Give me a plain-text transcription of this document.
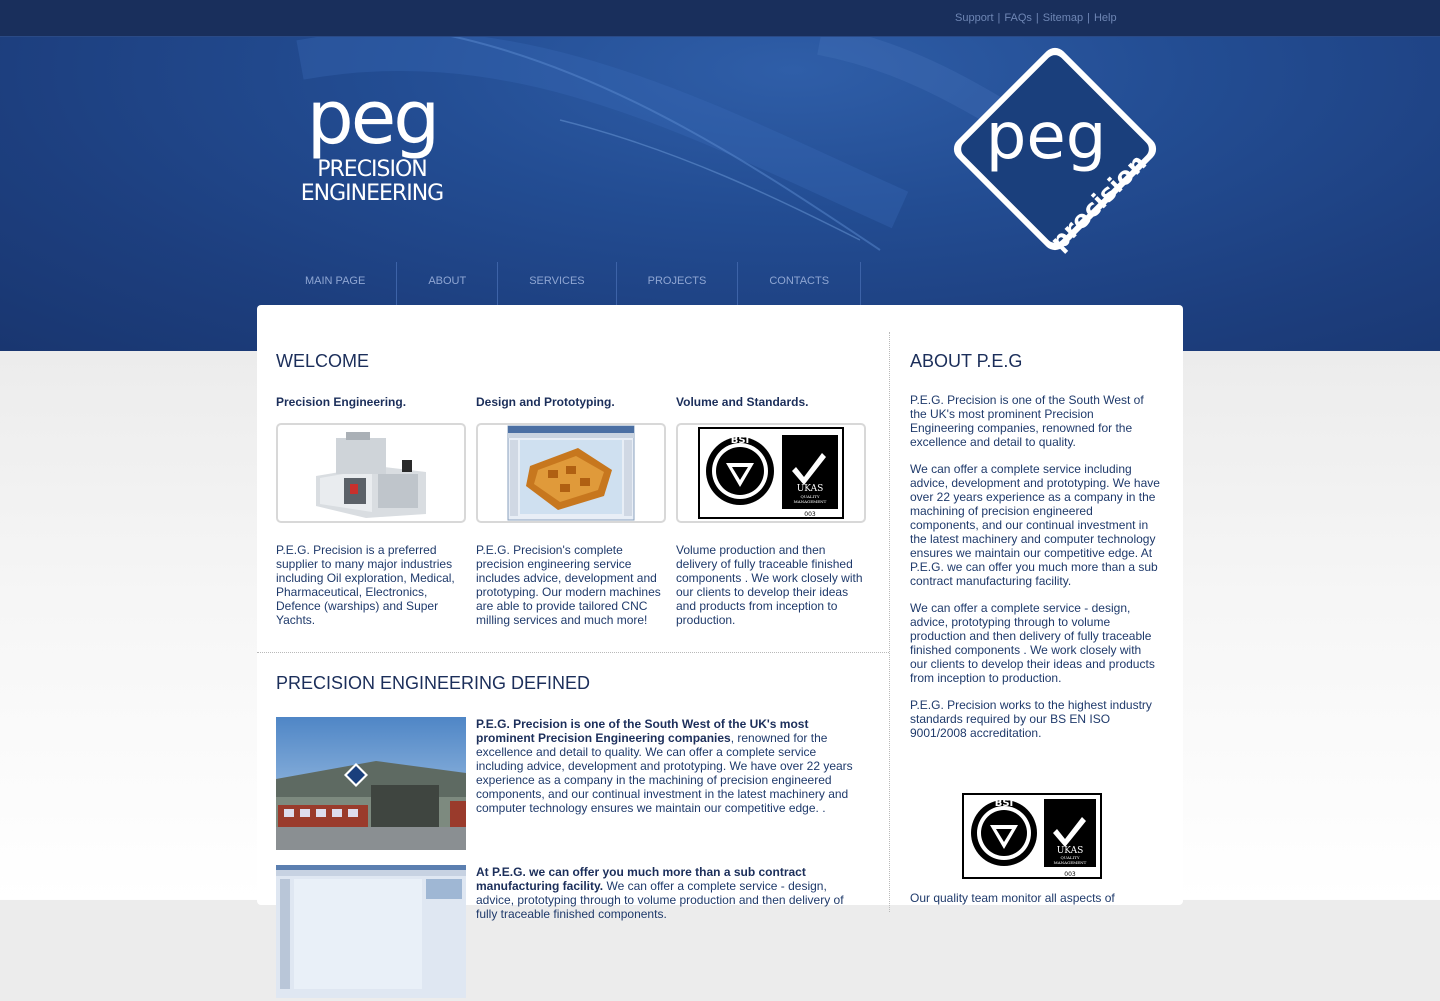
Support | FAQs | Sitemap | Help
peg
PRECISION
ENGINEERING
peg
precision
MAIN PAGE	ABOUT	SERVICES	PROJECTS	CONTACTS
WELCOME
Precision Engineering.

P.E.G. Precision is a preferred supplier to many major industries including Oil exploration, Medical, Pharmaceutical, Electronics, Defence (warships) and Super Yachts.

Design and Prototyping.

P.E.G. Precision's complete precision engineering service includes advice, development and prototyping. Our modern machines are able to provide tailored CNC milling services and much more!

Volume and Standards.
BSI
UKAS
QUALITY
MANAGEMENT
003

Volume production and then delivery of fully traceable finished components . We work closely with our clients to develop their ideas and products from inception to production.

PRECISION ENGINEERING DEFINED
P.E.G. Precision is one of the South West of the UK's most prominent Precision Engineering companies, renowned for the excellence and detail to quality. We can offer a complete service including advice, development and prototyping. We have over 22 years experience as a company in the machining of precision engineered components, and our continual investment in the latest machinery and computer technology ensures we maintain our competitive edge. .
At P.E.G. we can offer you much more than a sub contract manufacturing facility. We can offer a complete service - design, advice, prototyping through to volume production and then delivery of fully traceable finished components.
ABOUT P.E.G

P.E.G. Precision is one of the South West of the UK's most prominent Precision Engineering companies, renowned for the excellence and detail to quality.

We can offer a complete service including advice, development and prototyping. We have over 22 years experience as a company in the machining of precision engineered components, and our continual investment in the latest machinery and computer technology ensures we maintain our competitive edge. At P.E.G. we can offer you much more than a sub contract manufacturing facility.

We can offer a complete service - design, advice, prototyping through to volume production and then delivery of fully traceable finished components . We work closely with our clients to develop their ideas and products from inception to production.

P.E.G. Precision works to the highest industry standards required by our BS EN ISO 9001/2008 accreditation.

BSI
UKAS
QUALITY
MANAGEMENT
003
Our quality team monitor all aspects of
